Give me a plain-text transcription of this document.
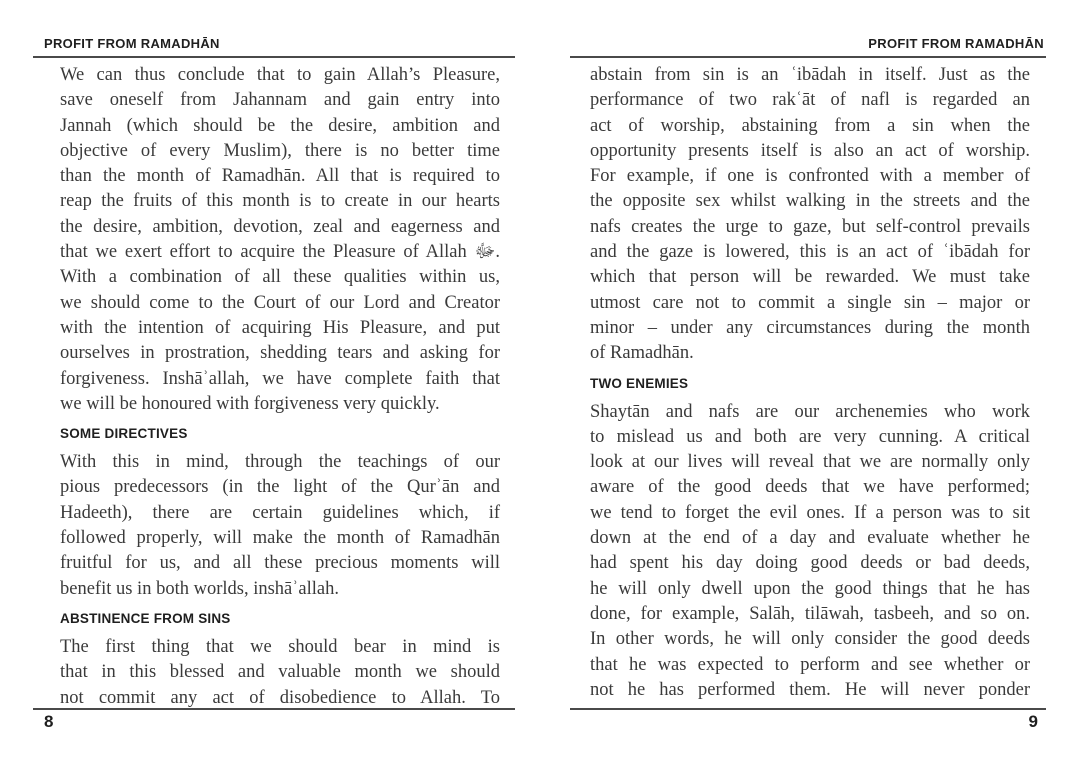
PROFIT FROM RAMADHĀN
We can thus conclude that to gain Allah’s Pleasure,
save oneself from Jahannam and gain entry into
Jannah (which should be the desire, ambition and
objective of every Muslim), there is no better time
than the month of Ramadhān. All that is required to
reap the fruits of this month is to create in our hearts
the desire, ambition, devotion, zeal and eagerness and
that we exert effort to acquire the Pleasure of Allah ﷻ.
With a combination of all these qualities within us,
we should come to the Court of our Lord and Creator
with the intention of acquiring His Pleasure, and put
ourselves in prostration, shedding tears and asking for
forgiveness. Inshāʾallah, we have complete faith that
we will be honoured with forgiveness very quickly.
SOME DIRECTIVES
With this in mind, through the teachings of our
pious predecessors (in the light of the Qurʾān and
Hadeeth), there are certain guidelines which, if
followed properly, will make the month of Ramadhān
fruitful for us, and all these precious moments will
benefit us in both worlds, inshāʾallah.
ABSTINENCE FROM SINS
The first thing that we should bear in mind is
that in this blessed and valuable month we should
not commit any act of disobedience to Allah. To
8
PROFIT FROM RAMADHĀN
abstain from sin is an ʿibādah in itself. Just as the
performance of two rakʿāt of nafl is regarded an
act of worship, abstaining from a sin when the
opportunity presents itself is also an act of worship.
For example, if one is confronted with a member of
the opposite sex whilst walking in the streets and the
nafs creates the urge to gaze, but self-control prevails
and the gaze is lowered, this is an act of ʿibādah for
which that person will be rewarded. We must take
utmost care not to commit a single sin – major or
minor – under any circumstances during the month
of Ramadhān.
TWO ENEMIES
Shaytān and nafs are our archenemies who work
to mislead us and both are very cunning. A critical
look at our lives will reveal that we are normally only
aware of the good deeds that we have performed;
we tend to forget the evil ones. If a person was to sit
down at the end of a day and evaluate whether he
had spent his day doing good deeds or bad deeds,
he will only dwell upon the good things that he has
done, for example, Salāh, tilāwah, tasbeeh, and so on.
In other words, he will only consider the good deeds
that he was expected to perform and see whether or
not he has performed them. He will never ponder
9
